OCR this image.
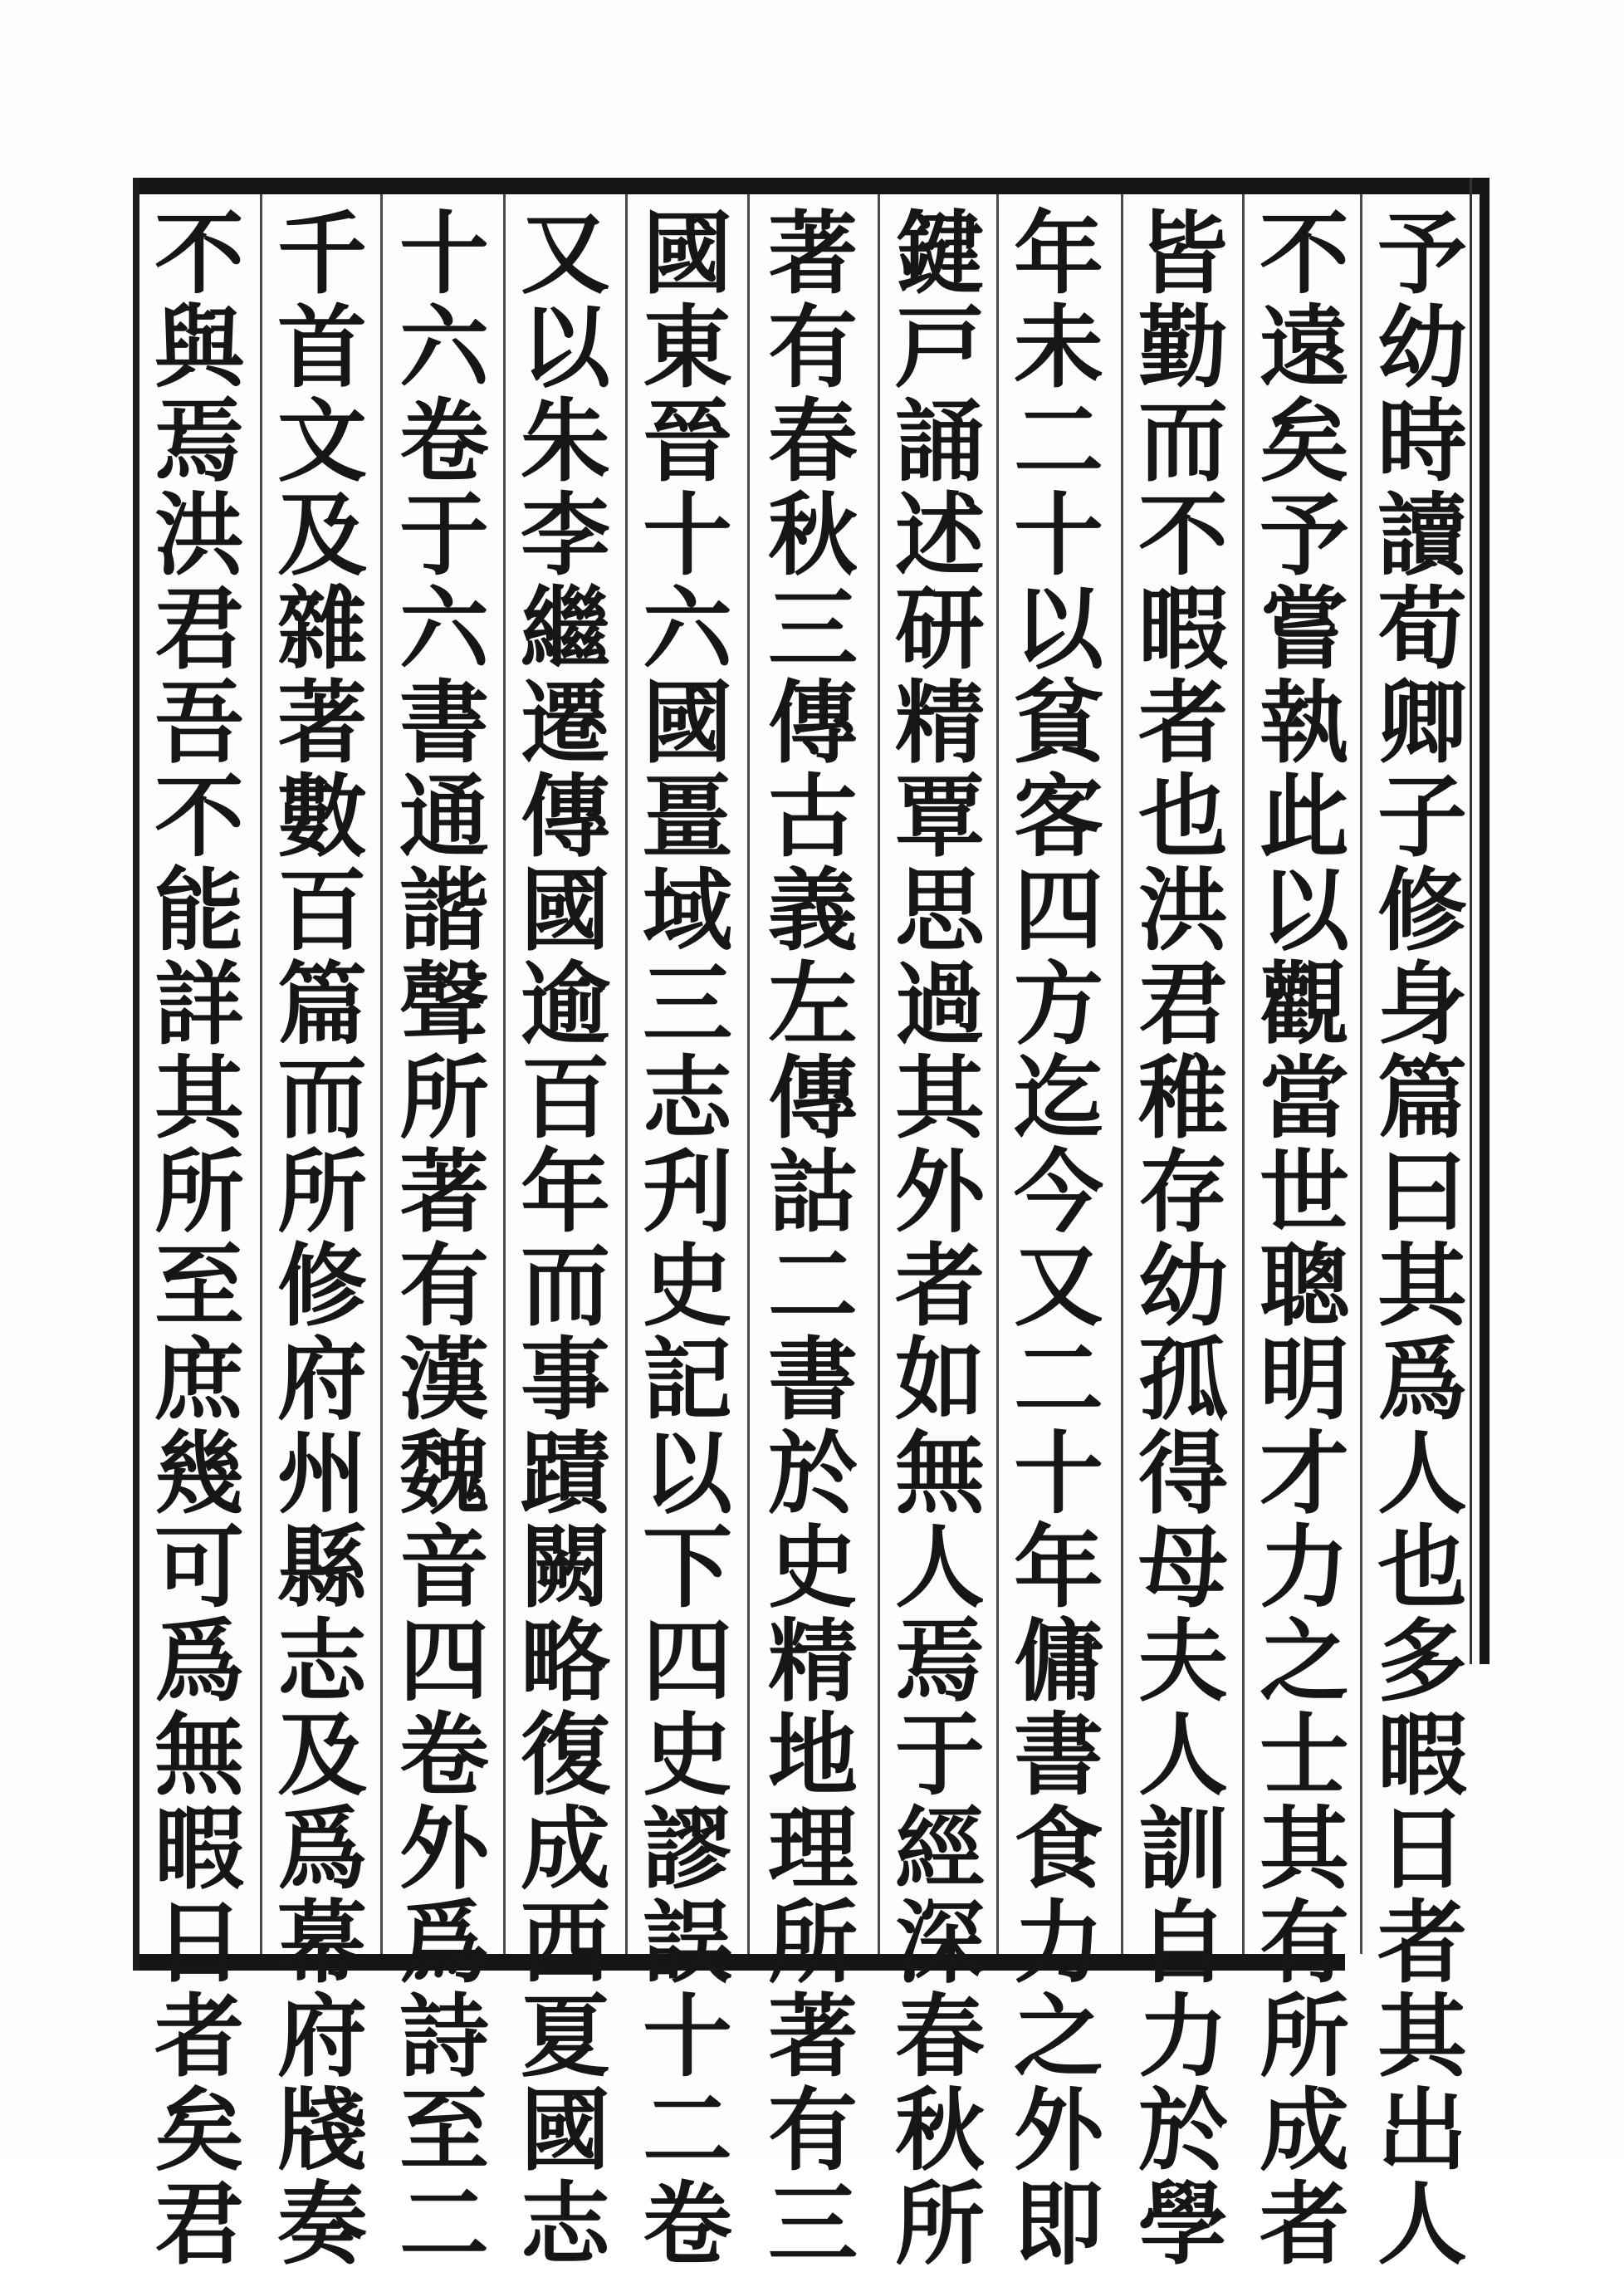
予
幼
時
讀
荀
卿
子
修
身
篇
曰
其
爲
人
也
多
暇
日
者
其
出
人
不
遠
矣
予
嘗
執
此
以
觀
當
世
聰
明
才
力
之
士
其
有
所
成
者
皆
勤
而
不
暇
者
也
洪
君
稚
存
幼
孤
得
母
夫
人
訓
自
力
於
學
年
未
二
十
以
貧
客
四
方
迄
今
又
二
十
年
傭
書
食
力
之
外
即
鍵
戸
誦
述
研
精
覃
思
過
其
外
者
如
無
人
焉
于
經
深
春
秋
所
著
有
春
秋
三
傳
古
義
左
傳
詁
二
書
於
史
精
地
理
所
著
有
三
國
東
晉
十
六
國
畺
域
三
志
刋
史
記
以
下
四
史
謬
誤
十
二
卷
又
以
朱
李
繼
遷
傳
國
逾
百
年
而
事
蹟
闕
略
復
成
西
夏
國
志
十
六
卷
于
六
書
通
諧
聲
所
著
有
漢
魏
音
四
卷
外
爲
詩
至
二
千
首
文
及
雜
著
數
百
篇
而
所
修
府
州
縣
志
及
爲
幕
府
牋
奏
不
與
焉
洪
君
吾
不
能
詳
其
所
至
庶
幾
可
爲
無
暇
日
者
矣
君
